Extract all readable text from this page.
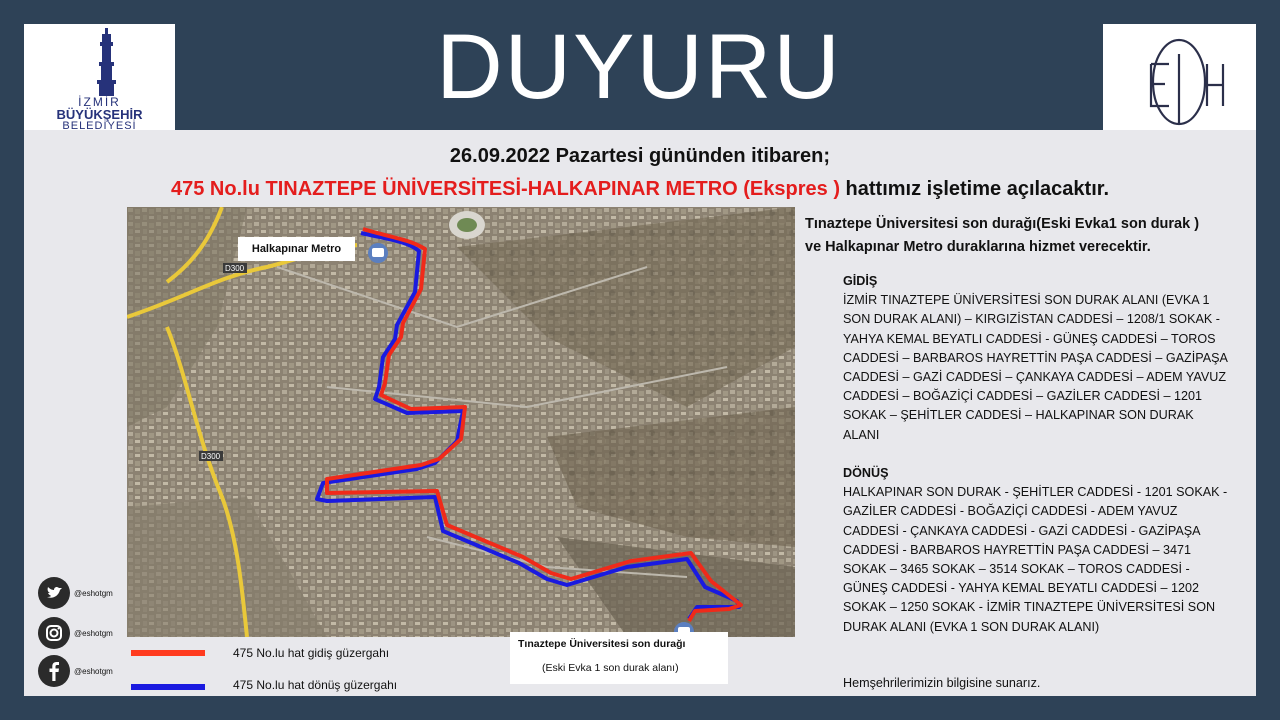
İZMİR
BÜYÜKŞEHİR
BELEDİYESİ
DUYURU
26.09.2022 Pazartesi gününden itibaren;
475 No.lu TINAZTEPE ÜNİVERSİTESİ-HALKAPINAR METRO (Ekspres ) hattımız işletime açılacaktır.
D300
D300
Halkapınar Metro
Tınaztepe Üniversitesi son durağı
(Eski Evka 1 son durak alanı)
Tınaztepe Üniversitesi son durağı(Eski Evka1 son durak )
ve Halkapınar Metro duraklarına hizmet verecektir.
GİDİŞ
İZMİR TINAZTEPE ÜNİVERSİTESİ SON DURAK ALANI (EVKA 1 SON DURAK ALANI) – KIRGIZİSTAN CADDESİ – 1208/1 SOKAK - YAHYA KEMAL BEYATLI CADDESİ - GÜNEŞ CADDESİ – TOROS CADDESİ – BARBAROS HAYRETTİN PAŞA CADDESİ – GAZİPAŞA CADDESİ – GAZİ CADDESİ – ÇANKAYA CADDESİ – ADEM YAVUZ CADDESİ – BOĞAZİÇİ CADDESİ – GAZİLER CADDESİ – 1201 SOKAK – ŞEHİTLER CADDESİ – HALKAPINAR SON DURAK ALANI
DÖNÜŞ
HALKAPINAR SON DURAK - ŞEHİTLER CADDESİ - 1201 SOKAK - GAZİLER CADDESİ - BOĞAZİÇİ CADDESİ - ADEM YAVUZ CADDESİ - ÇANKAYA CADDESİ - GAZİ CADDESİ - GAZİPAŞA CADDESİ - BARBAROS HAYRETTİN PAŞA CADDESİ – 3471 SOKAK – 3465 SOKAK – 3514 SOKAK – TOROS CADDESİ - GÜNEŞ CADDESİ - YAHYA KEMAL BEYATLI CADDESİ – 1202 SOKAK – 1250 SOKAK - İZMİR TINAZTEPE ÜNİVERSİTESİ SON DURAK ALANI (EVKA 1 SON DURAK ALANI)
Hemşehrilerimizin bilgisine sunarız.
475 No.lu hat gidiş güzergahı
475 No.lu hat dönüş güzergahı
@eshotgm
@eshotgm
@eshotgm
